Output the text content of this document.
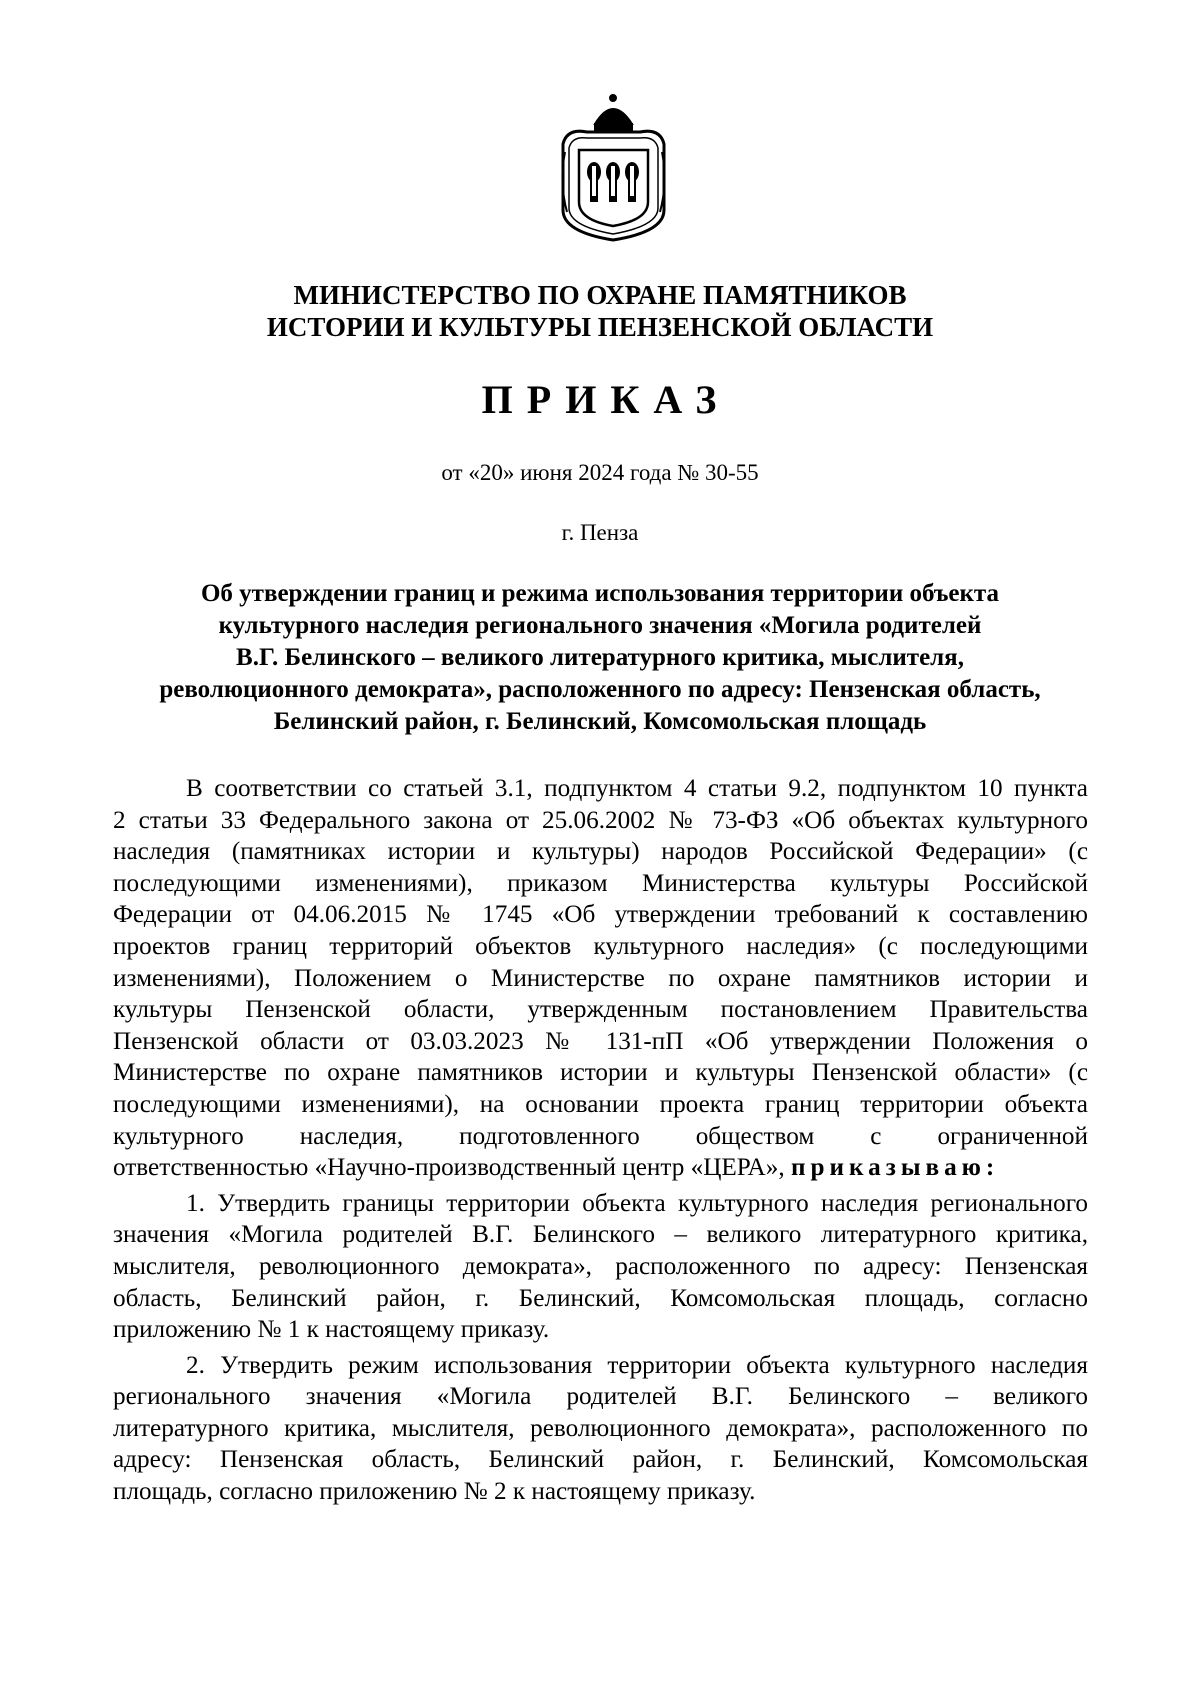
МИНИСТЕРСТВО ПО ОХРАНЕ ПАМЯТНИКОВ
ИСТОРИИ И КУЛЬТУРЫ ПЕНЗЕНСКОЙ ОБЛАСТИ
ПРИКАЗ
от «20» июня 2024 года № 30-55
г. Пенза
Об утверждении границ и режима использования территории объекта
культурного наследия регионального значения «Могила родителей
В.Г. Белинского – великого литературного критика, мыслителя,
революционного демократа», расположенного по адресу: Пензенская область,
Белинский район, г. Белинский, Комсомольская площадь
В соответствии со статьей 3.1, подпунктом 4 статьи 9.2, подпунктом 10 пункта
2 статьи 33 Федерального закона от 25.06.2002 № 73-ФЗ «Об объектах культурного
наследия (памятниках истории и культуры) народов Российской Федерации» (с
последующими изменениями), приказом Министерства культуры Российской
Федерации от 04.06.2015 № 1745 «Об утверждении требований к составлению
проектов границ территорий объектов культурного наследия» (с последующими
изменениями), Положением о Министерстве по охране памятников истории и
культуры Пензенской области, утвержденным постановлением Правительства
Пензенской области от 03.03.2023 № 131-пП «Об утверждении Положения о
Министерстве по охране памятников истории и культуры Пензенской области» (с
последующими изменениями), на основании проекта границ территории объекта
культурного наследия, подготовленного обществом с ограниченной
ответственностью «Научно-производственный центр «ЦЕРА», приказываю:
1. Утвердить границы территории объекта культурного наследия регионального
значения «Могила родителей В.Г. Белинского – великого литературного критика,
мыслителя, революционного демократа», расположенного по адресу: Пензенская
область, Белинский район, г. Белинский, Комсомольская площадь, согласно
приложению № 1 к настоящему приказу.
2. Утвердить режим использования территории объекта культурного наследия
регионального значения «Могила родителей В.Г. Белинского – великого
литературного критика, мыслителя, революционного демократа», расположенного по
адресу: Пензенская область, Белинский район, г. Белинский, Комсомольская
площадь, согласно приложению № 2 к настоящему приказу.
